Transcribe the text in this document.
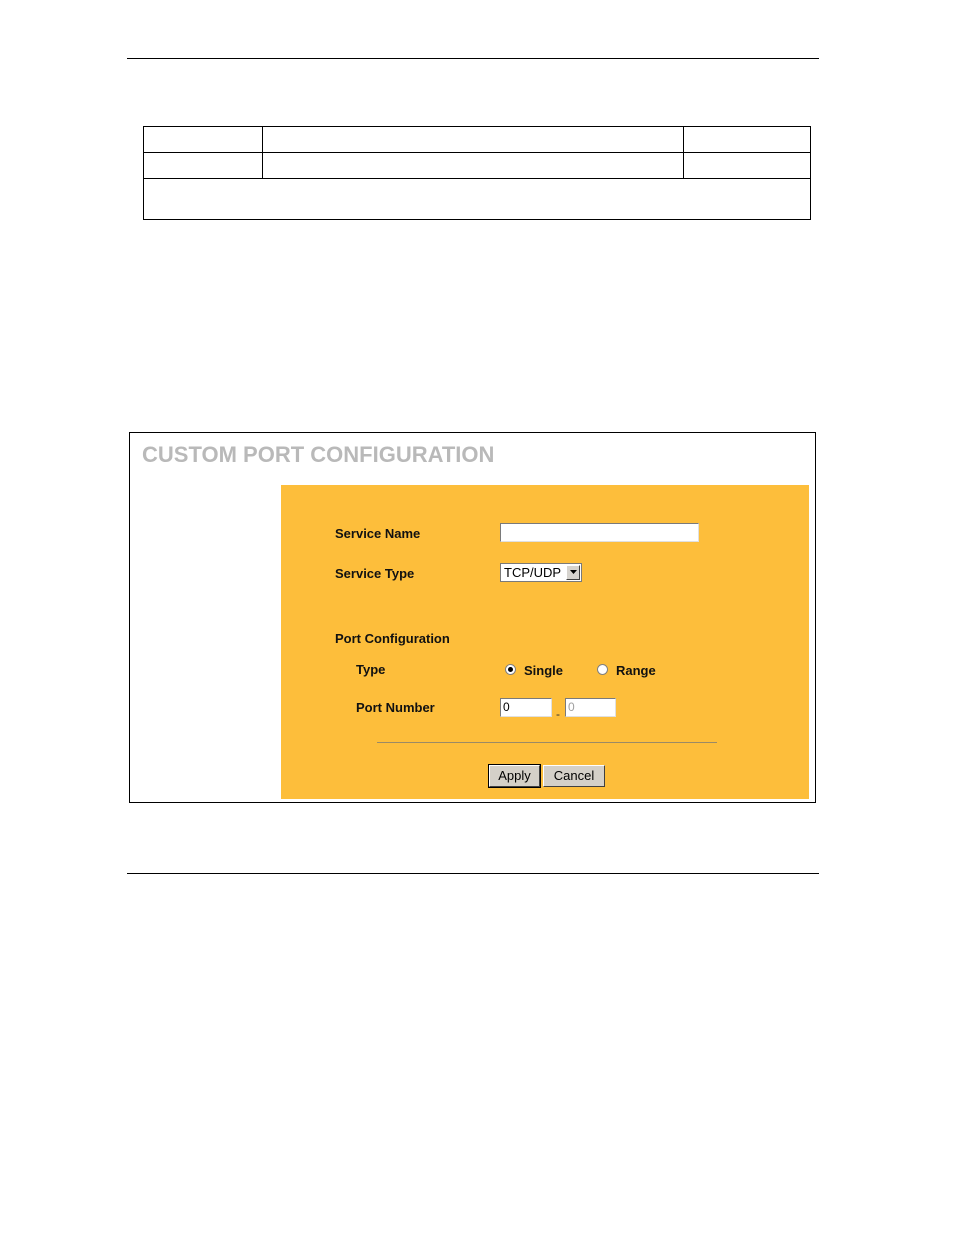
CUSTOM PORT CONFIGURATION
Service Name
Service Type	TCP/UDP
Port Configuration
Type	Single	Range
Port Number	0	- 0
Apply	Cancel
